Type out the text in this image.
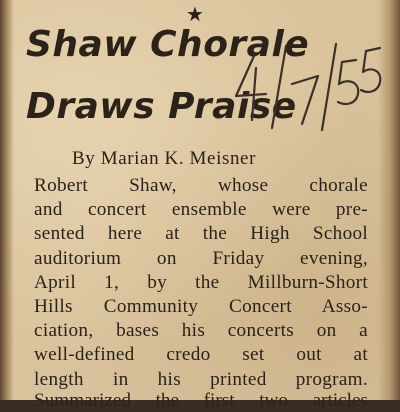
★
Shaw Chorale
Draws Praise
By Marian K. Meisner
Robert Shaw, whose chorale
and concert ensemble were pre-
sented here at the High School
auditorium on Friday evening,
April 1, by the Millburn-Short
Hills Community Concert Asso-
ciation, bases his concerts on a
well-defined credo set out at
length in his printed program.
Summarized the first two articles
